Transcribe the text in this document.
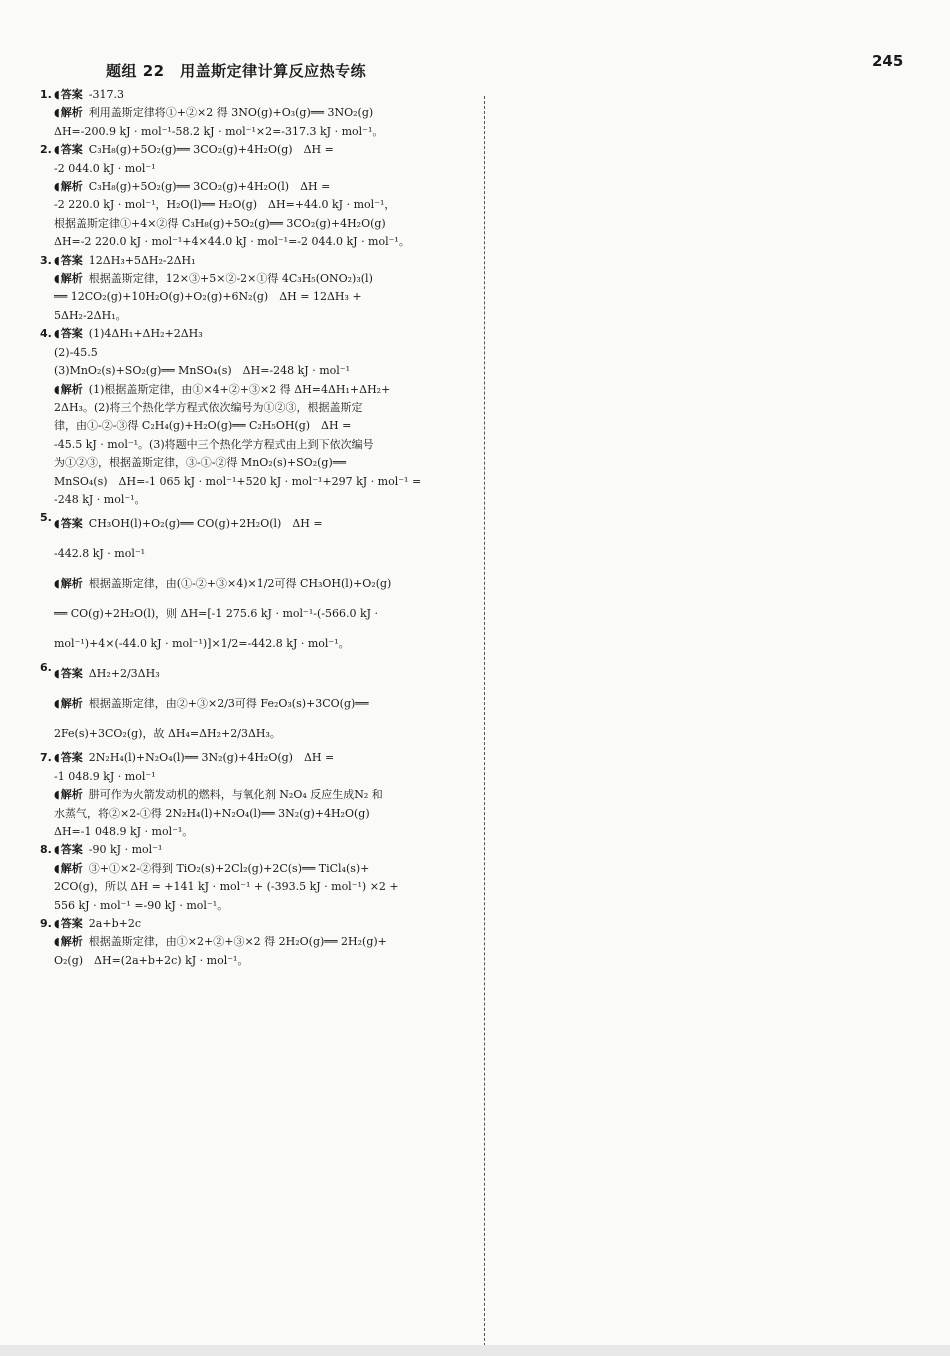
245
题组 22　用盖斯定律计算反应热专练
1. ◖ 答案 -317.3
◖ 解析 利用盖斯定律将①+②×2 得 3NO(g)+O₃(g)══ 3NO₂(g)
ΔH=-200.9 kJ · mol⁻¹-58.2 kJ · mol⁻¹×2=-317.3 kJ · mol⁻¹。
2. ◖ 答案 C₃H₈(g)+5O₂(g)══ 3CO₂(g)+4H₂O(g)　ΔH =
-2 044.0 kJ · mol⁻¹
◖ 解析 C₃H₈(g)+5O₂(g)══ 3CO₂(g)+4H₂O(l)　ΔH =
-2 220.0 kJ · mol⁻¹，H₂O(l)══ H₂O(g)　ΔH=+44.0 kJ · mol⁻¹，
根据盖斯定律①+4×②得 C₃H₈(g)+5O₂(g)══ 3CO₂(g)+4H₂O(g)
ΔH=-2 220.0 kJ · mol⁻¹+4×44.0 kJ · mol⁻¹=-2 044.0 kJ · mol⁻¹。
3. ◖ 答案 12ΔH₃+5ΔH₂-2ΔH₁
◖ 解析 根据盖斯定律，12×③+5×②-2×①得 4C₃H₅(ONO₂)₃(l)
══ 12CO₂(g)+10H₂O(g)+O₂(g)+6N₂(g)　ΔH = 12ΔH₃ +
5ΔH₂-2ΔH₁。
4. ◖ 答案 (1)4ΔH₁+ΔH₂+2ΔH₃
(2)-45.5
(3)MnO₂(s)+SO₂(g)══ MnSO₄(s)　ΔH=-248 kJ · mol⁻¹
◖ 解析 (1)根据盖斯定律，由①×4+②+③×2 得 ΔH=4ΔH₁+ΔH₂+
2ΔH₃。(2)将三个热化学方程式依次编号为①②③，根据盖斯定
律，由①-②-③得 C₂H₄(g)+H₂O(g)══ C₂H₅OH(g)　ΔH =
-45.5 kJ · mol⁻¹。(3)将题中三个热化学方程式由上到下依次编号
为①②③，根据盖斯定律，③-①-②得 MnO₂(s)+SO₂(g)══
MnSO₄(s)　ΔH=-1 065 kJ · mol⁻¹+520 kJ · mol⁻¹+297 kJ · mol⁻¹ =
-248 kJ · mol⁻¹。
5. ◖ 答案 CH₃OH(l)+O₂(g)══ CO(g)+2H₂O(l)　ΔH =
-442.8 kJ · mol⁻¹
◖ 解析 根据盖斯定律，由(①-②+③×4)×1/2可得 CH₃OH(l)+O₂(g)
══ CO(g)+2H₂O(l)，则 ΔH=[-1 275.6 kJ · mol⁻¹-(-566.0 kJ ·
mol⁻¹)+4×(-44.0 kJ · mol⁻¹)]×1/2=-442.8 kJ · mol⁻¹。
6. ◖ 答案 ΔH₂+2/3ΔH₃
◖ 解析 根据盖斯定律，由②+③×2/3可得 Fe₂O₃(s)+3CO(g)══
2Fe(s)+3CO₂(g)，故 ΔH₄=ΔH₂+2/3ΔH₃。
7. ◖ 答案 2N₂H₄(l)+N₂O₄(l)══ 3N₂(g)+4H₂O(g)　ΔH =
-1 048.9 kJ · mol⁻¹
◖ 解析 肼可作为火箭发动机的燃料，与氧化剂 N₂O₄ 反应生成N₂ 和
水蒸气，将②×2-①得 2N₂H₄(l)+N₂O₄(l)══ 3N₂(g)+4H₂O(g)
ΔH=-1 048.9 kJ · mol⁻¹。
8. ◖ 答案 -90 kJ · mol⁻¹
◖ 解析 ③+①×2-②得到 TiO₂(s)+2Cl₂(g)+2C(s)══ TiCl₄(s)+
2CO(g)，所以 ΔH = +141 kJ · mol⁻¹ + (-393.5 kJ · mol⁻¹) ×2 +
556 kJ · mol⁻¹ =-90 kJ · mol⁻¹。
9. ◖ 答案 2a+b+2c
◖ 解析 根据盖斯定律，由①×2+②+③×2 得 2H₂O(g)══ 2H₂(g)+
O₂(g)　ΔH=(2a+b+2c) kJ · mol⁻¹。
